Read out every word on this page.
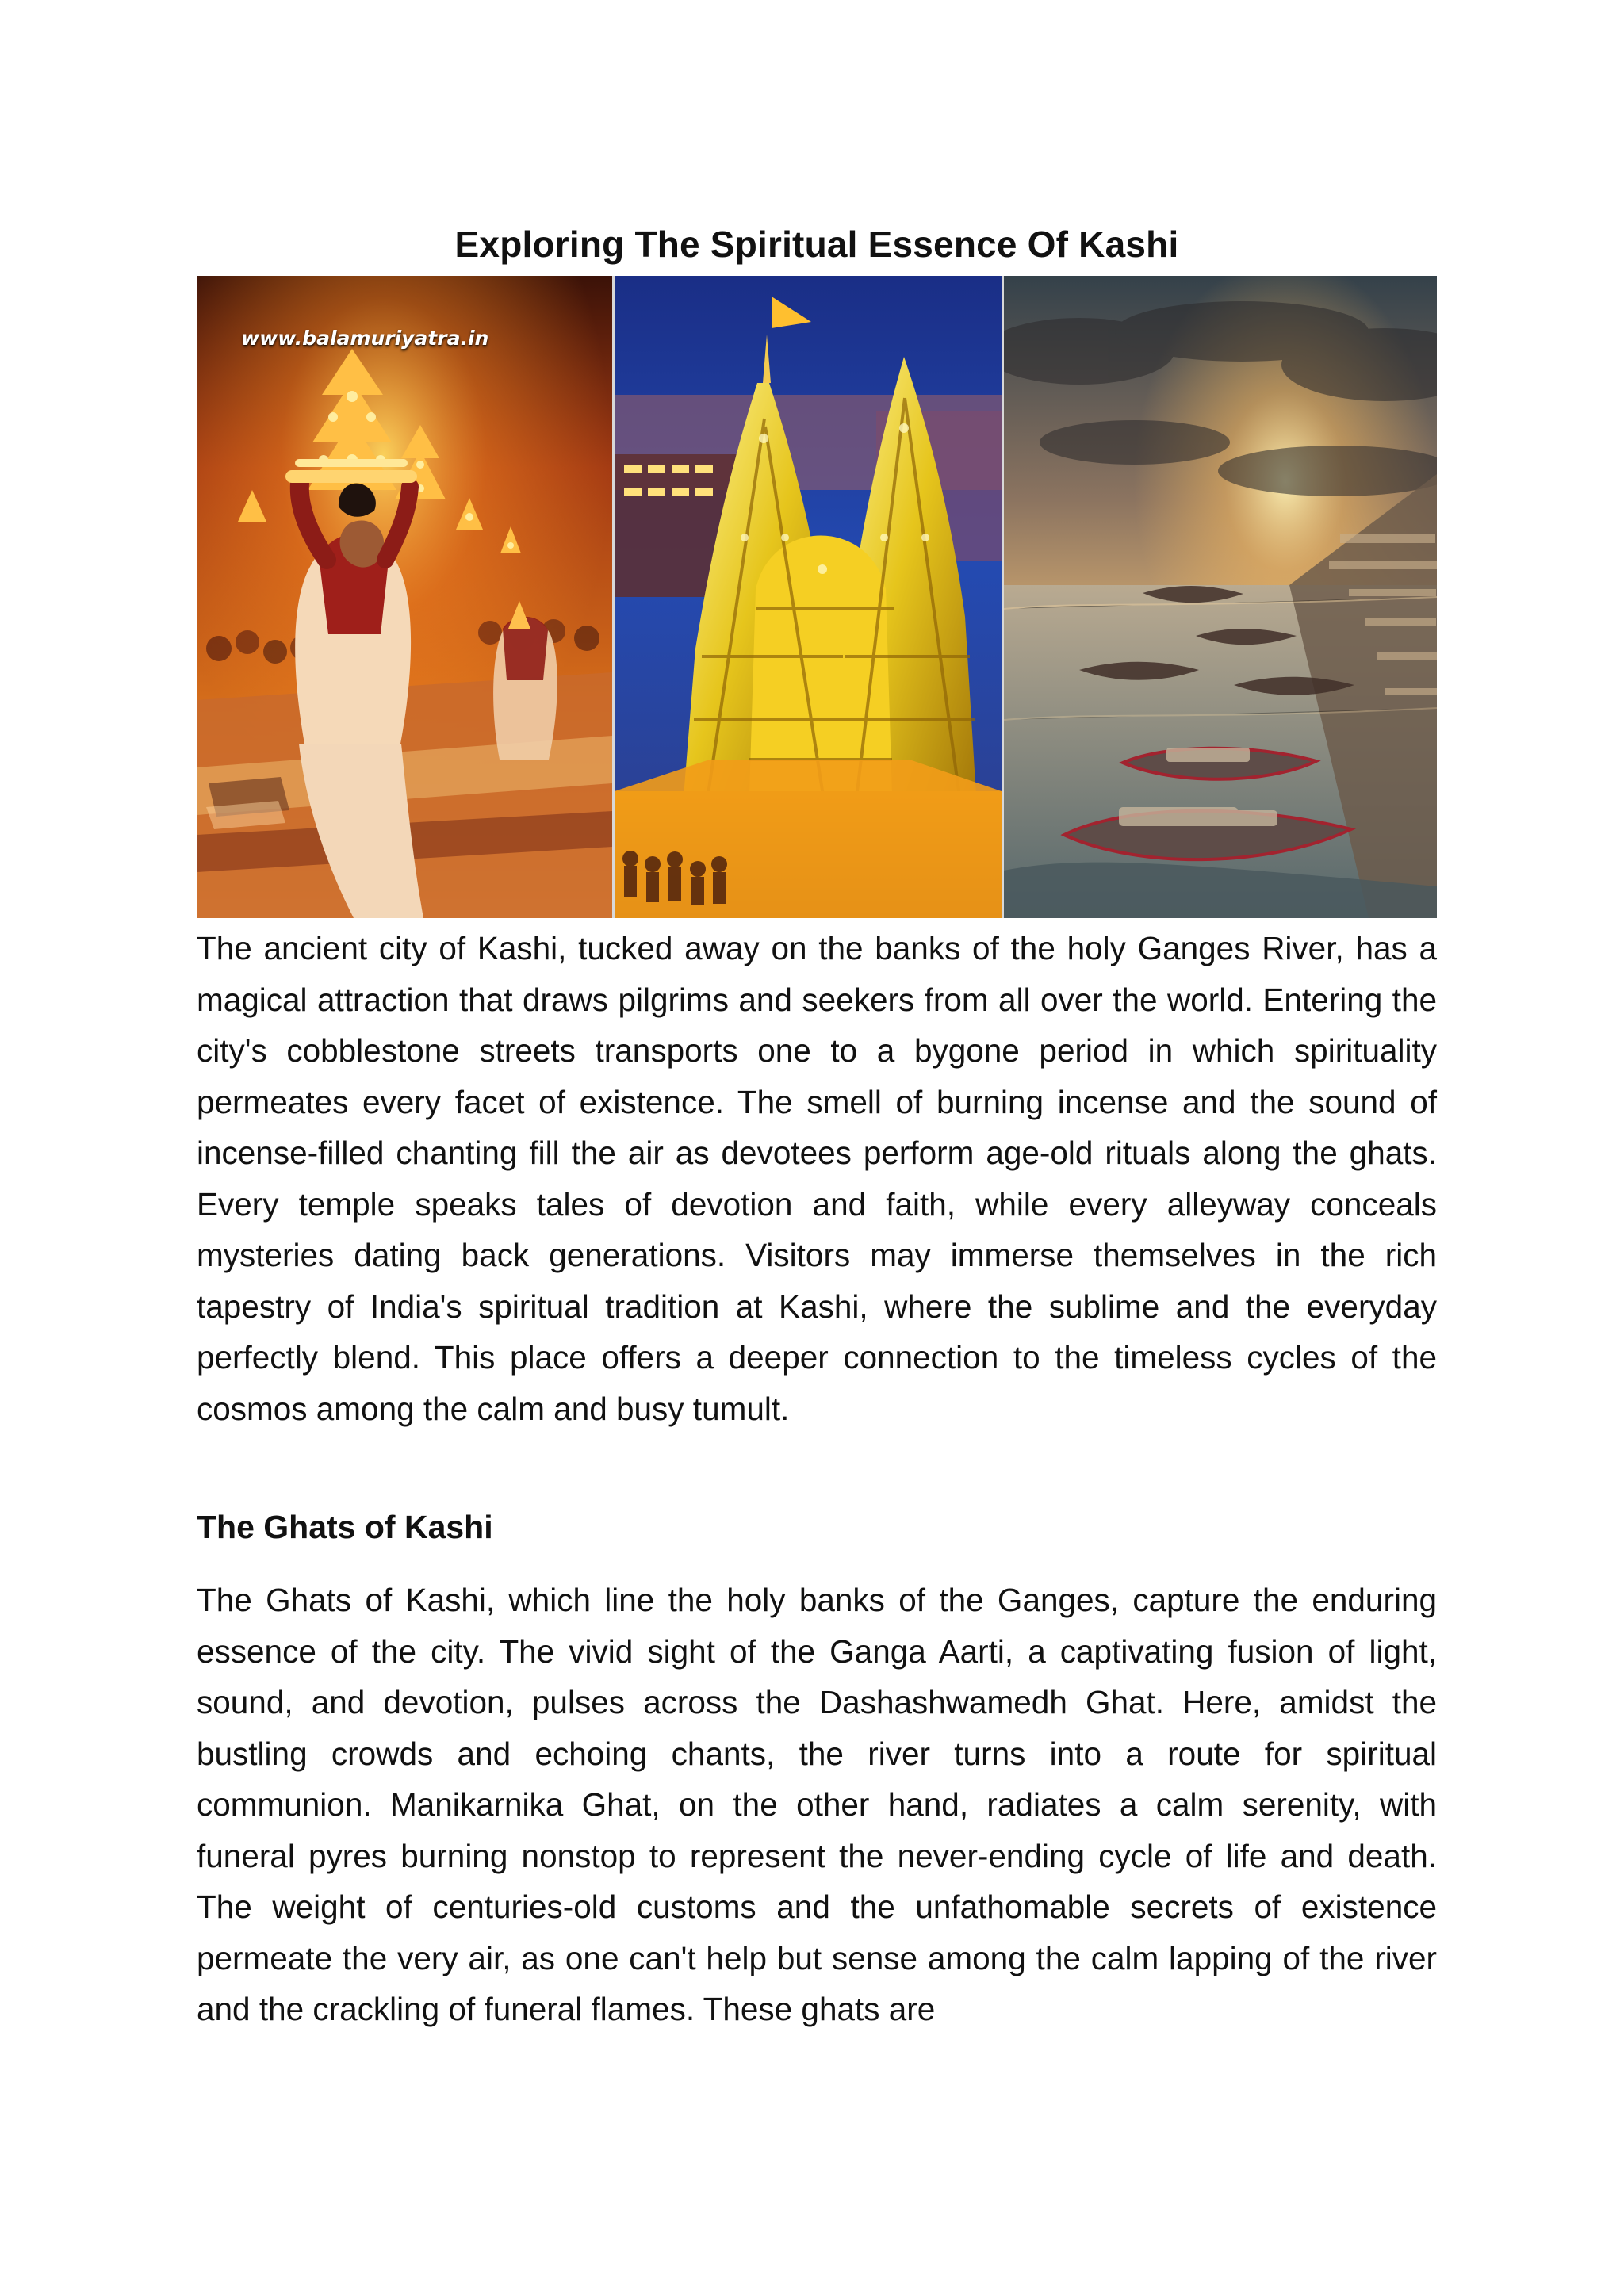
Exploring The Spiritual Essence Of Kashi
www.balamuriyatra.in

The ancient city of Kashi, tucked away on the banks of the holy Ganges River, has a magical attraction that draws pilgrims and seekers from all over the world. Entering the city's cobblestone streets transports one to a bygone period in which spirituality permeates every facet of existence. The smell of burning incense and the sound of incense-filled chanting fill the air as devotees perform age-old rituals along the ghats. Every temple speaks tales of devotion and faith, while every alleyway conceals mysteries dating back generations. Visitors may immerse themselves in the rich tapestry of India's spiritual tradition at Kashi, where the sublime and the everyday perfectly blend. This place offers a deeper connection to the timeless cycles of the cosmos among the calm and busy tumult.

The Ghats of Kashi

The Ghats of Kashi, which line the holy banks of the Ganges, capture the enduring essence of the city. The vivid sight of the Ganga Aarti, a captivating fusion of light, sound, and devotion, pulses across the Dashashwamedh Ghat. Here, amidst the bustling crowds and echoing chants, the river turns into a route for spiritual communion. Manikarnika Ghat, on the other hand, radiates a calm serenity, with funeral pyres burning nonstop to represent the never-ending cycle of life and death. The weight of centuries-old customs and the unfathomable secrets of existence permeate the very air, as one can't help but sense among the calm lapping of the river and the crackling of funeral flames. These ghats are
